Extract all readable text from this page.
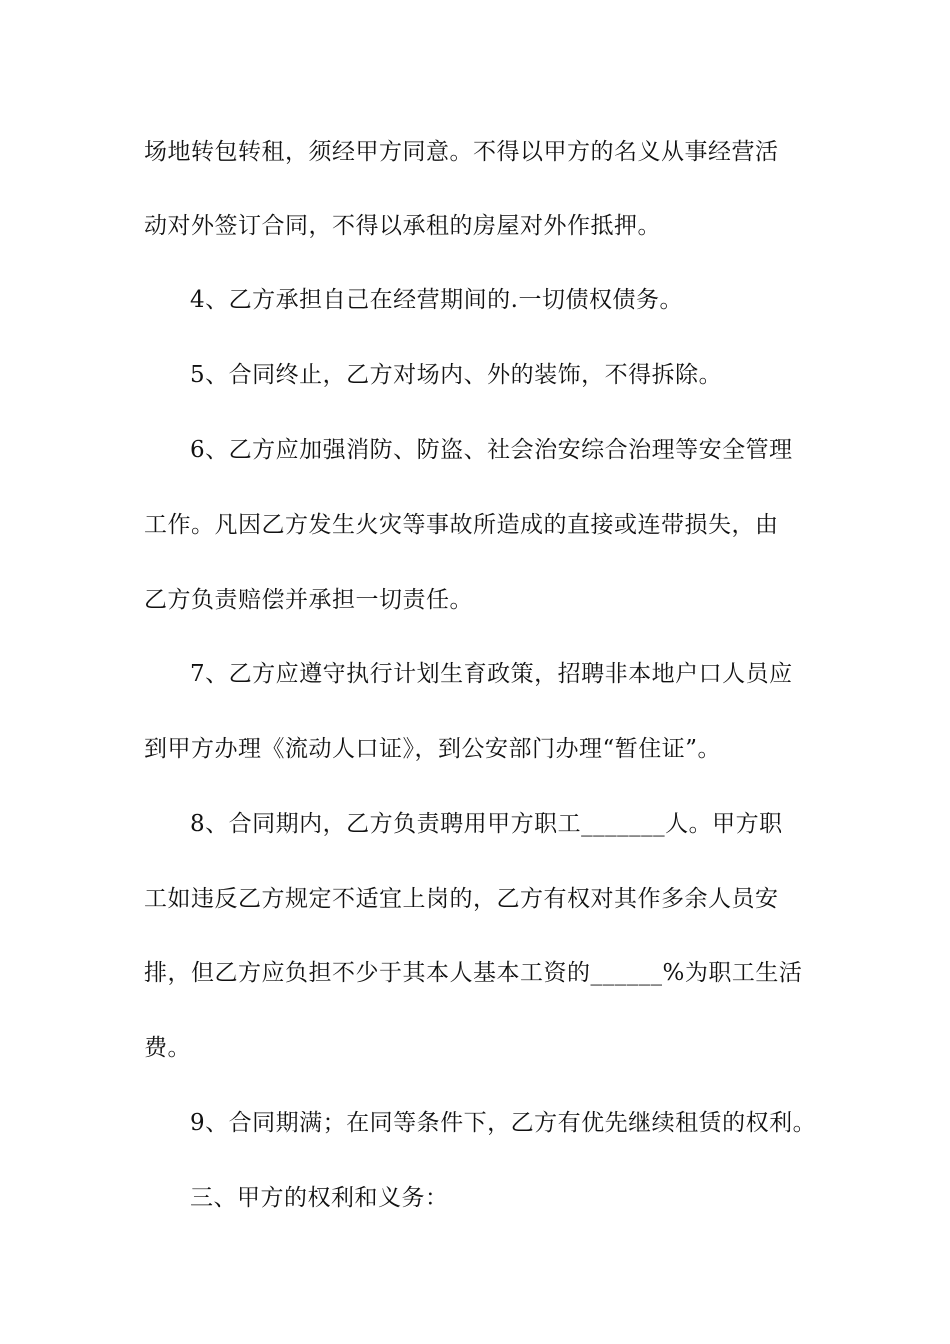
场地转包转租，须经甲方同意。不得以甲方的名义从事经营活
动对外签订合同，不得以承租的房屋对外作抵押。
4、乙方承担自己在经营期间的.一切债权债务。
5、合同终止，乙方对场内、外的装饰，不得拆除。
6、乙方应加强消防、防盗、社会治安综合治理等安全管理
工作。凡因乙方发生火灾等事故所造成的直接或连带损失，由
乙方负责赔偿并承担一切责任。
7、乙方应遵守执行计划生育政策，招聘非本地户口人员应
到甲方办理《流动人口证》，到公安部门办理“暂住证”。
8、合同期内，乙方负责聘用甲方职工_______人。甲方职
工如违反乙方规定不适宜上岗的，乙方有权对其作多余人员安
排，但乙方应负担不少于其本人基本工资的______%为职工生活
费。
9、合同期满；在同等条件下，乙方有优先继续租赁的权利。
三、甲方的权利和义务：
